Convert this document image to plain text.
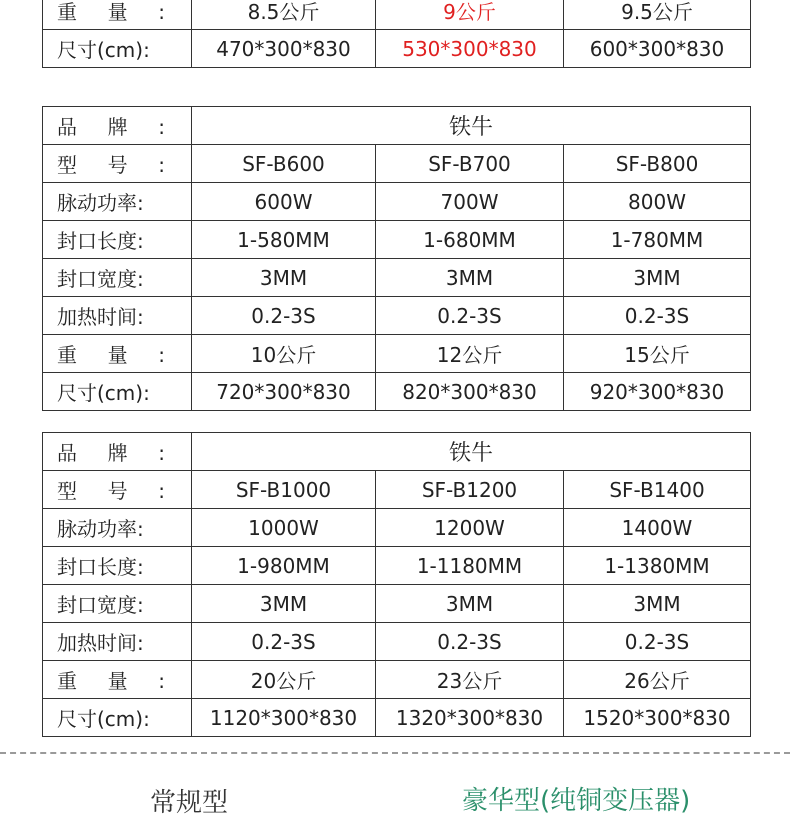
重量:	8.5公斤	9公斤	9.5公斤
尺寸(cm):	470*300*830	530*300*830	600*300*830
品牌:	铁牛		
型号:	SF-B600	SF-B700	SF-B800
脉动功率:	600W	700W	800W
封口长度:	1-580MM	1-680MM	1-780MM
封口宽度:	3MM	3MM	3MM
加热时间:	0.2-3S	0.2-3S	0.2-3S
重量:	10公斤	12公斤	15公斤
尺寸(cm):	720*300*830	820*300*830	920*300*830
品牌:	铁牛		
型号:	SF-B1000	SF-B1200	SF-B1400
脉动功率:	1000W	1200W	1400W
封口长度:	1-980MM	1-1180MM	1-1380MM
封口宽度:	3MM	3MM	3MM
加热时间:	0.2-3S	0.2-3S	0.2-3S
重量:	20公斤	23公斤	26公斤
尺寸(cm):	1120*300*830	1320*300*830	1520*300*830
常规型	豪华型(纯铜变压器)
